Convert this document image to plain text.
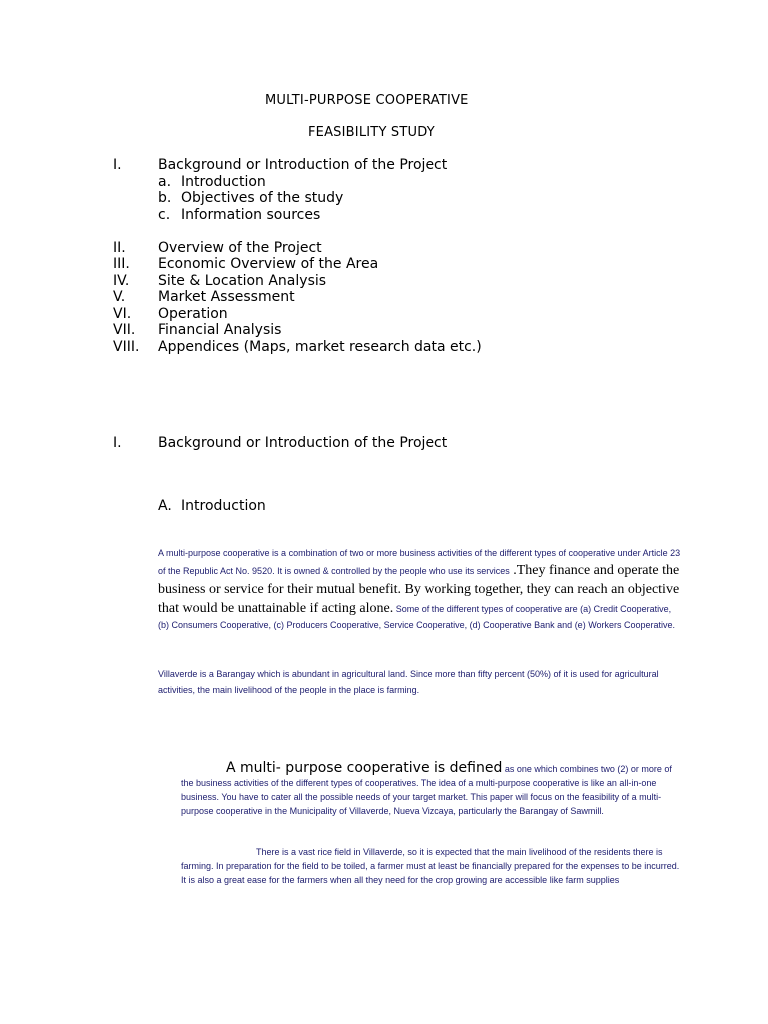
MULTI-PURPOSE COOPERATIVE
FEASIBILITY STUDY
I.	Background or Introduction of the Project
a. Introduction
b. Objectives of the study
c. Information sources
II. Overview of the Project
III. Economic Overview of the Area
IV. Site & Location Analysis
V. Market Assessment
VI. Operation
VII. Financial Analysis
VIII. Appendices (Maps, market research data etc.)
I.	Background or Introduction of the Project
A. Introduction
A multi-purpose cooperative is a combination of two or more business activities of the different types of cooperative under Article 23 of the Republic Act No. 9520. It is owned & controlled by the people who use its services .They finance and operate the business or service for their mutual benefit. By working together, they can reach an objective that would be unattainable if acting alone. Some of the different types of cooperative are (a) Credit Cooperative, (b) Consumers Cooperative, (c) Producers Cooperative, Service Cooperative, (d) Cooperative Bank and (e) Workers Cooperative.
Villaverde is a Barangay which is abundant in agricultural land. Since more than fifty percent (50%) of it is used for agricultural activities, the main livelihood of the people in the place is farming.
A multi- purpose cooperative is defined as one which combines two (2) or more of the business activities of the different types of cooperatives. The idea of a multi-purpose cooperative is like an all-in-one business. You have to cater all the possible needs of your target market. This paper will focus on the feasibility of a multi-purpose cooperative in the Municipality of Villaverde, Nueva Vizcaya, particularly the Barangay of Sawmill.
There is a vast rice field in Villaverde, so it is expected that the main livelihood of the residents there is farming. In preparation for the field to be toiled, a farmer must at least be financially prepared for the expenses to be incurred. It is also a great ease for the farmers when all they need for the crop growing are accessible like farm supplies
